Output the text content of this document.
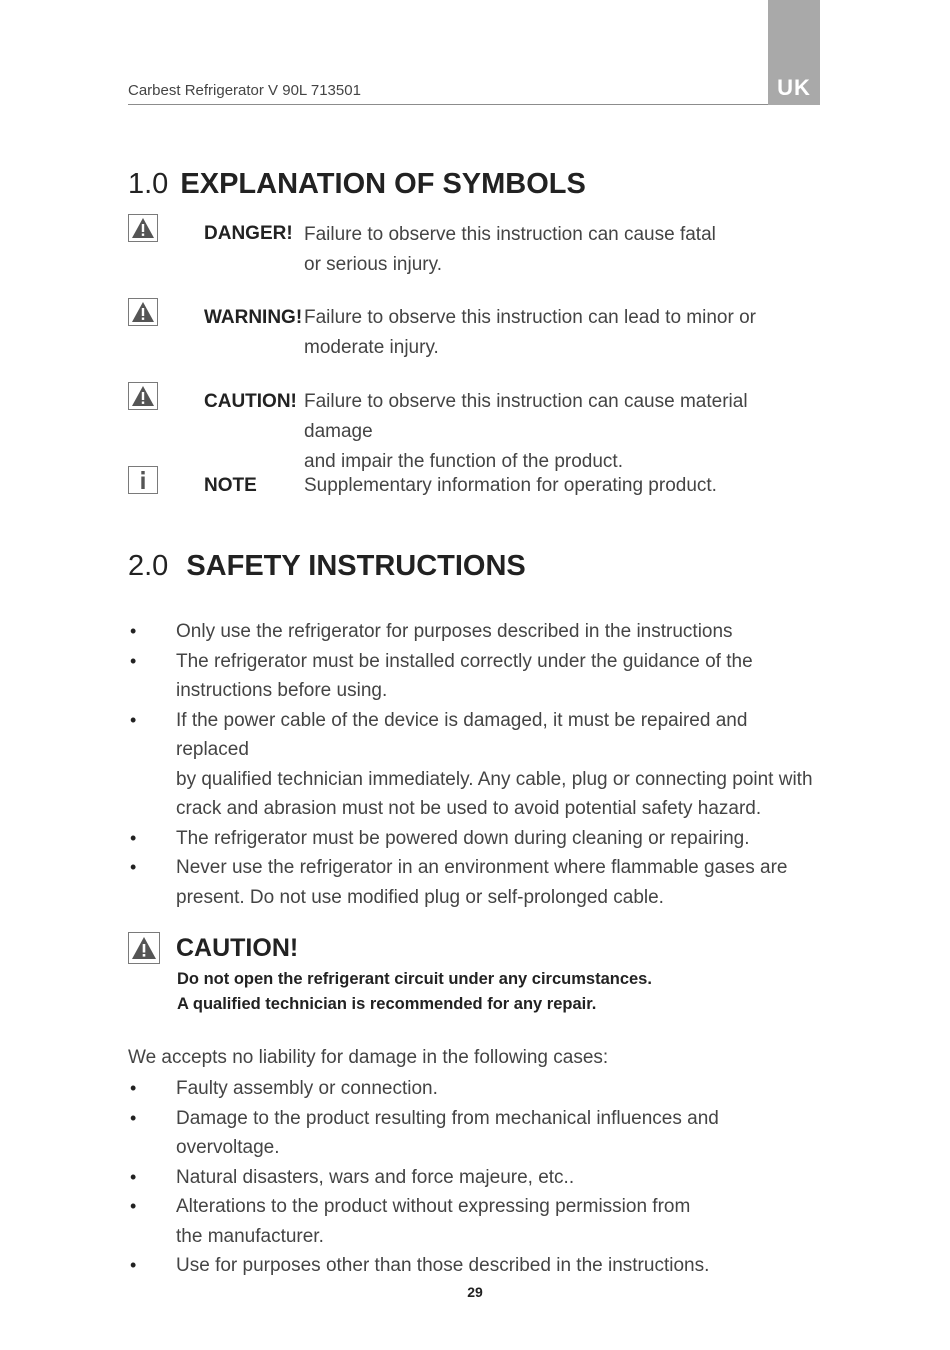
Carbest Refrigerator V 90L 713501	UK
1.0 EXPLANATION OF SYMBOLS
DANGER! Failure to observe this instruction can cause fatal
or serious injury.
WARNING! Failure to observe this instruction can lead to minor or
moderate injury.
CAUTION! Failure to observe this instruction can cause material damage
and impair the function of the product.
NOTE Supplementary information for operating product.
2.0 SAFETY INSTRUCTIONS
• Only use the refrigerator for purposes described in the instructions
• The refrigerator must be installed correctly under the guidance of the
instructions before using.
• If the power cable of the device is damaged, it must be repaired and replaced
by qualified technician immediately. Any cable, plug or connecting point with
crack and abrasion must not be used to avoid potential safety hazard.
• The refrigerator must be powered down during cleaning or repairing.
• Never use the refrigerator in an environment where flammable gases are
present. Do not use modified plug or self-prolonged cable.
CAUTION!
Do not open the refrigerant circuit under any circumstances.
A qualified technician is recommended for any repair.
We accepts no liability for damage in the following cases:
• Faulty assembly or connection.
• Damage to the product resulting from mechanical influences and overvoltage.
• Natural disasters, wars and force majeure, etc..
• Alterations to the product without expressing permission from
the manufacturer.
• Use for purposes other than those described in the instructions.
29
